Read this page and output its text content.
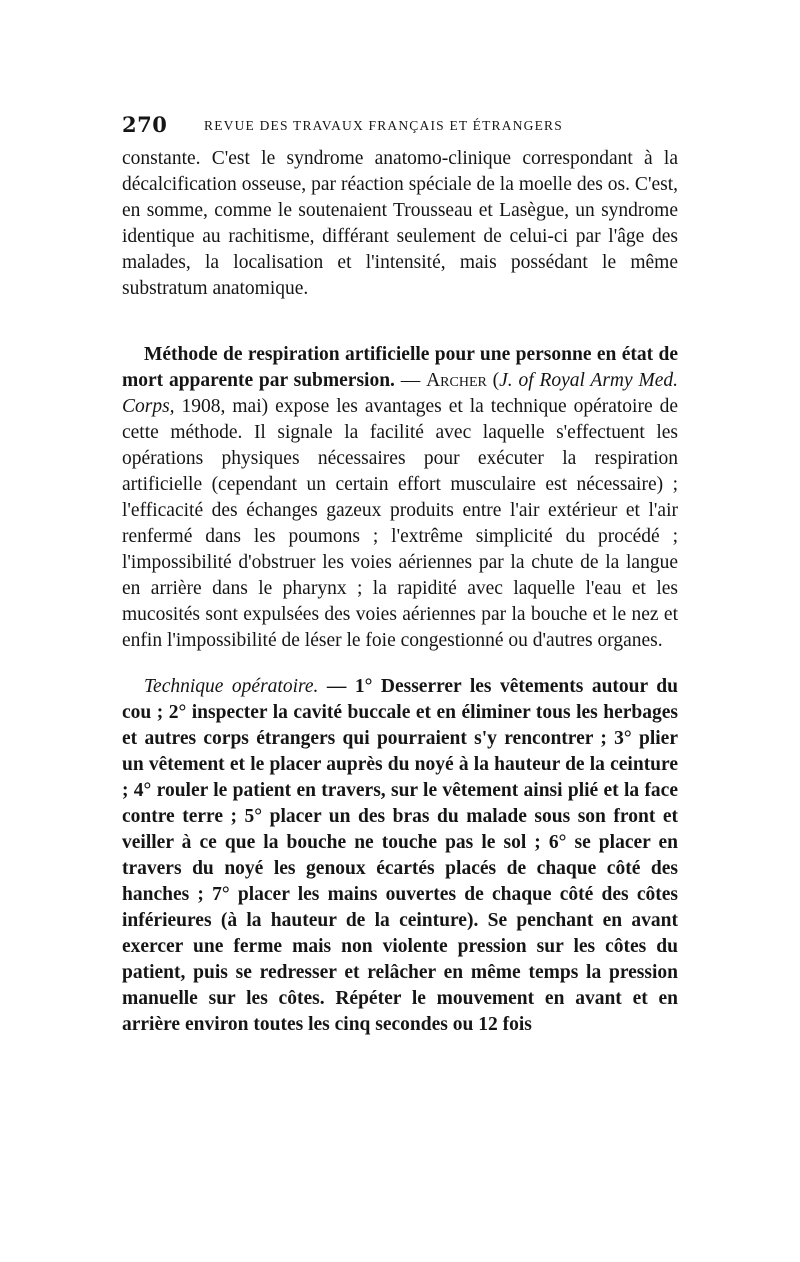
270	REVUE DES TRAVAUX FRANÇAIS ET ÉTRANGERS

constante. C'est le syndrome anatomo-clinique correspondant à la décalcification osseuse, par réaction spéciale de la moelle des os. C'est, en somme, comme le soutenaient Trousseau et Lasègue, un syndrome identique au rachitisme, différant seulement de celui-ci par l'âge des malades, la localisation et l'intensité, mais possédant le même substratum anatomique.

Méthode de respiration artificielle pour une personne en état de mort apparente par submersion. — Archer (J. of Royal Army Med. Corps, 1908, mai) expose les avantages et la technique opératoire de cette méthode. Il signale la facilité avec laquelle s'effectuent les opérations physiques nécessaires pour exécuter la respiration artificielle (cependant un certain effort musculaire est nécessaire) ; l'efficacité des échanges gazeux produits entre l'air extérieur et l'air renfermé dans les poumons ; l'extrême simplicité du procédé ; l'impossibilité d'obstruer les voies aériennes par la chute de la langue en arrière dans le pharynx ; la rapidité avec laquelle l'eau et les mucosités sont expulsées des voies aériennes par la bouche et le nez et enfin l'impossibilité de léser le foie congestionné ou d'autres organes.

Technique opératoire. — 1° Desserrer les vêtements autour du cou ; 2° inspecter la cavité buccale et en éliminer tous les herbages et autres corps étrangers qui pourraient s'y rencontrer ; 3° plier un vêtement et le placer auprès du noyé à la hauteur de la ceinture ; 4° rouler le patient en travers, sur le vêtement ainsi plié et la face contre terre ; 5° placer un des bras du malade sous son front et veiller à ce que la bouche ne touche pas le sol ; 6° se placer en travers du noyé les genoux écartés placés de chaque côté des hanches ; 7° placer les mains ouvertes de chaque côté des côtes inférieures (à la hauteur de la ceinture). Se penchant en avant exercer une ferme mais non violente pression sur les côtes du patient, puis se redresser et relâcher en même temps la pression manuelle sur les côtes. Répéter le mouvement en avant et en arrière environ toutes les cinq secondes ou 12 fois
